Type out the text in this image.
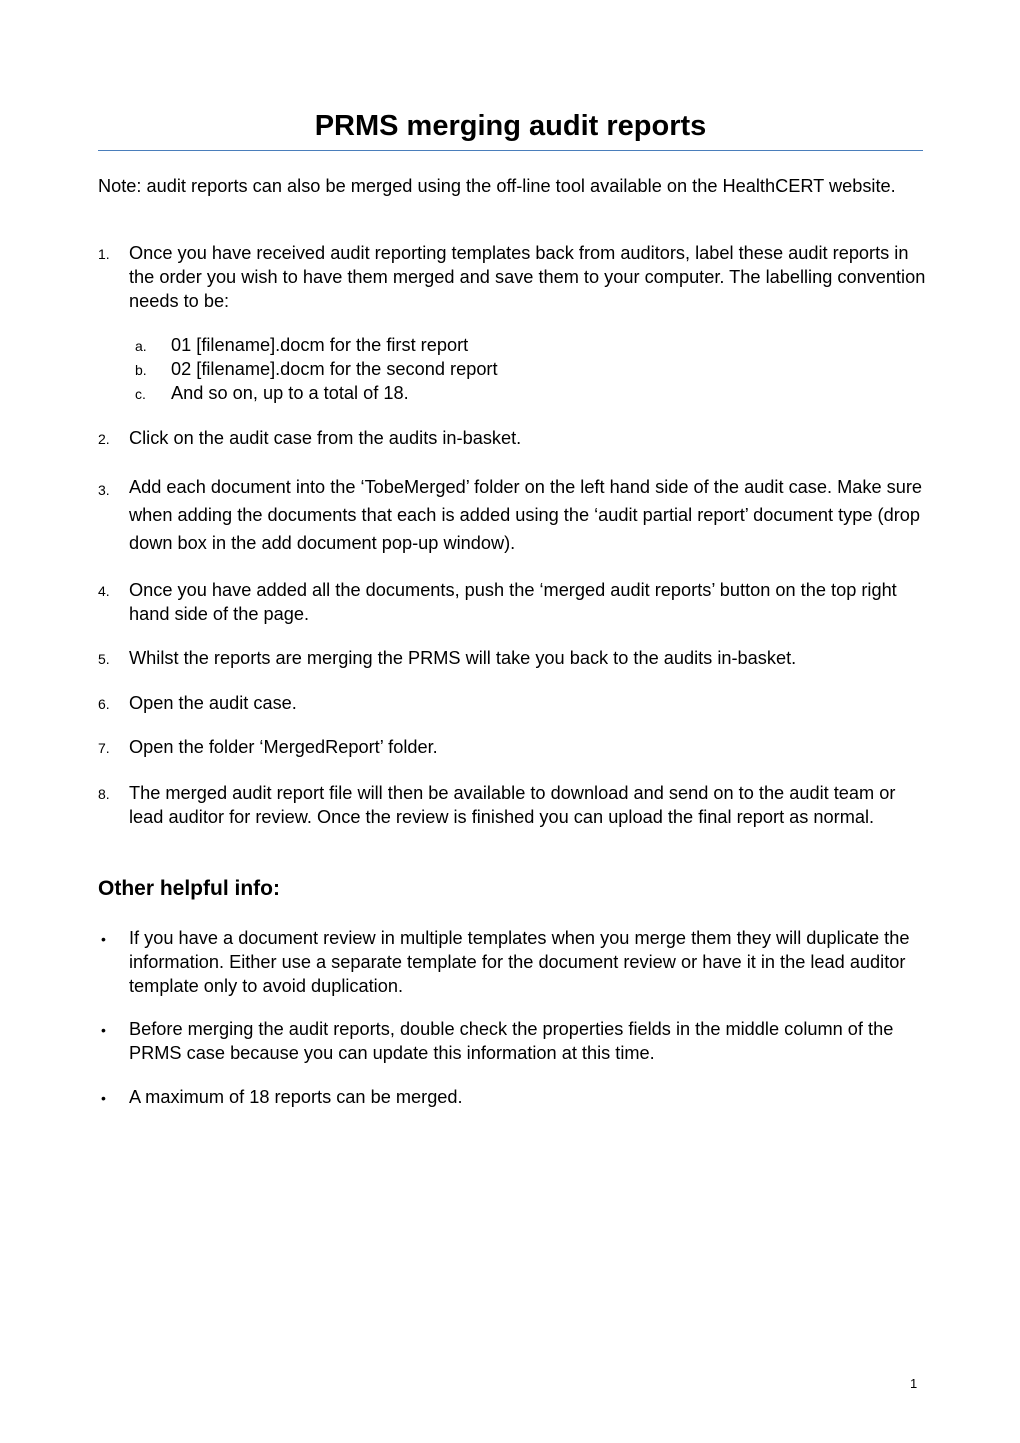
PRMS merging audit reports
Note: audit reports can also be merged using the off-line tool available on the HealthCERT website.
1. Once you have received audit reporting templates back from auditors, label these audit reports in the order you wish to have them merged and save them to your computer. The labelling convention needs to be:
a. 01 [filename].docm for the first report
b. 02 [filename].docm for the second report
c. And so on, up to a total of 18.
2. Click on the audit case from the audits in-basket.
3. Add each document into the ‘TobeMerged’ folder on the left hand side of the audit case. Make sure when adding the documents that each is added using the ‘audit partial report’ document type (drop down box in the add document pop-up window).
4. Once you have added all the documents, push the ‘merged audit reports’ button on the top right hand side of the page.
5. Whilst the reports are merging the PRMS will take you back to the audits in-basket.
6. Open the audit case.
7. Open the folder ‘MergedReport’ folder.
8. The merged audit report file will then be available to download and send on to the audit team or lead auditor for review. Once the review is finished you can upload the final report as normal.
Other helpful info:
• If you have a document review in multiple templates when you merge them they will duplicate the information. Either use a separate template for the document review or have it in the lead auditor template only to avoid duplication.
• Before merging the audit reports, double check the properties fields in the middle column of the PRMS case because you can update this information at this time.
• A maximum of 18 reports can be merged.
1
